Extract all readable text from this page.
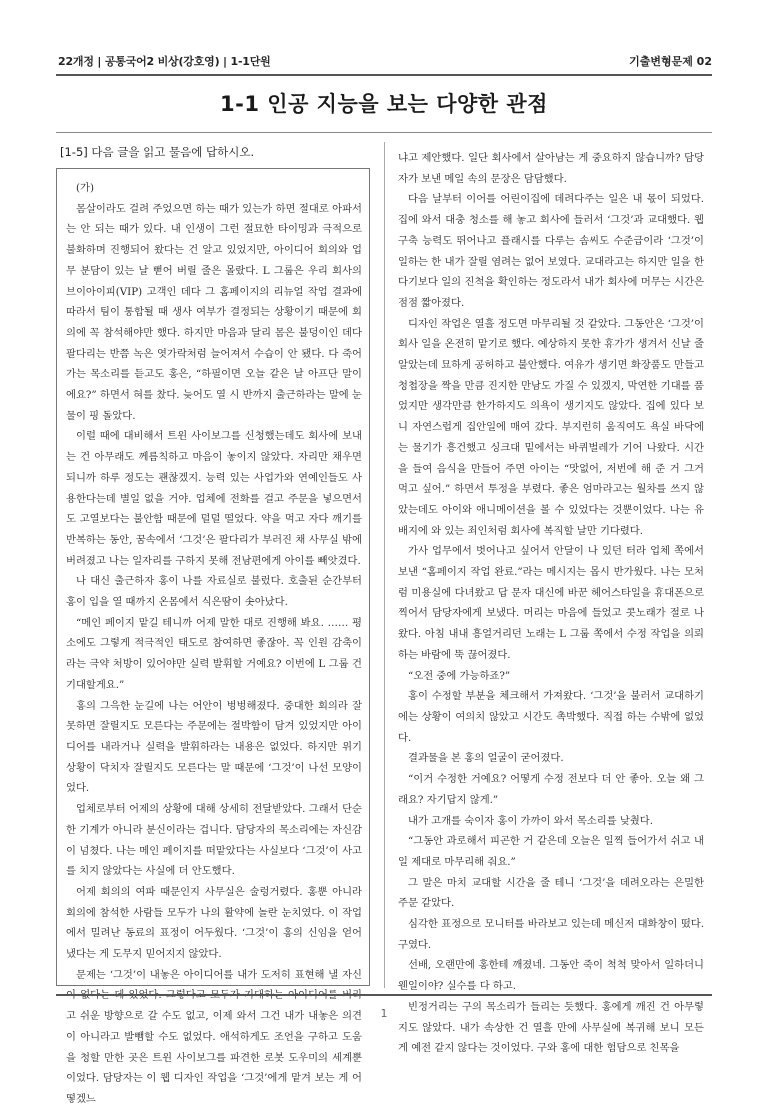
22개정 | 공통국어2 비상(강호영) | 1-1단원	기출변형문제 02
1-1 인공 지능을 보는 다양한 관점
[1-5] 다음 글을 읽고 물음에 답하시오.

(가)

몸살이라도 걸려 주었으면 하는 때가 있는가 하면 절대로 아파서는 안 되는 때가 있다. 내 인생이 그런 절묘한 타이밍과 극적으로 불화하며 진행되어 왔다는 건 알고 있었지만, 아이디어 회의와 업무 분담이 있는 날 뻗어 버릴 줄은 몰랐다. L 그룹은 우리 회사의 브이아이피(VIP) 고객인 데다 그 홈페이지의 리뉴얼 작업 결과에 따라서 팀이 통합될 때 생사 여부가 결정되는 상황이기 때문에 회의에 꼭 참석해야만 했다. 하지만 마음과 달리 몸은 불덩이인 데다 팔다리는 반쯤 녹은 엿가락처럼 늘어져서 수습이 안 됐다. 다 죽어 가는 목소리를 듣고도 홍은, “하필이면 오늘 같은 날 아프단 말이에요?” 하면서 혀를 찼다. 늦어도 열 시 반까지 출근하라는 말에 눈물이 핑 돌았다.

이럴 때에 대비해서 트윈 사이보그를 신청했는데도 회사에 보내는 건 아무래도 께름칙하고 마음이 놓이지 않았다. 자리만 채우면 되니까 하루 정도는 괜찮겠지. 능력 있는 사업가와 연예인들도 사용한다는데 별일 없을 거야. 업체에 전화를 걸고 주문을 넣으면서도 고열보다는 불안함 때문에 덜덜 떨었다. 약을 먹고 자다 깨기를 반복하는 동안, 꿈속에서 ‘그것’은 팔다리가 부러진 채 사무실 밖에 버려졌고 나는 일자리를 구하지 못해 전남편에게 아이를 빼앗겼다.

나 대신 출근하자 홍이 나를 자료실로 불렀다. 호출된 순간부터 홍이 입을 열 때까지 온몸에서 식은땀이 솟아났다.

“메인 페이지 맡길 테니까 어제 말한 대로 진행해 봐요. …… 평소에도 그렇게 적극적인 태도로 참여하면 좋잖아. 꼭 인원 감축이라는 극약 처방이 있어야만 실력 발휘할 거예요? 이번에 L 그룹 건 기대할게요.”

홍의 그윽한 눈길에 나는 어안이 벙벙해졌다. 중대한 회의라 잘못하면 잘릴지도 모른다는 주문에는 절박함이 담겨 있었지만 아이디어를 내라거나 실력을 발휘하라는 내용은 없었다. 하지만 위기 상황이 닥치자 잘릴지도 모른다는 말 때문에 ‘그것’이 나선 모양이었다.

업체로부터 어제의 상황에 대해 상세히 전달받았다. 그래서 단순한 기계가 아니라 분신이라는 겁니다. 담당자의 목소리에는 자신감이 넘쳤다. 나는 메인 페이지를 떠맡았다는 사실보다 ‘그것’이 사고를 치지 않았다는 사실에 더 안도했다.

어제 회의의 여파 때문인지 사무실은 술렁거렸다. 홍뿐 아니라 회의에 참석한 사람들 모두가 나의 활약에 놀란 눈치였다. 이 작업에서 밀려난 동료의 표정이 어두웠다. ‘그것’이 홍의 신임을 얻어 냈다는 게 도무지 믿어지지 않았다.

문제는 ‘그것’이 내놓은 아이디어를 내가 도저히 표현해 낼 자신이 없다는 데 있었다. 그렇다고 모두가 기대하는 아이디어를 버리고 쉬운 방향으로 갈 수도 없고, 이제 와서 그건 내가 내놓은 의견이 아니라고 발뺌할 수도 없었다. 애석하게도 조언을 구하고 도움을 청할 만한 곳은 트윈 사이보그를 파견한 로봇 도우미의 세계뿐이었다. 담당자는 이 웹 디자인 작업을 ‘그것’에게 맡겨 보는 게 어떻겠느

냐고 제안했다. 일단 회사에서 살아남는 게 중요하지 않습니까? 담당자가 보낸 메일 속의 문장은 담담했다.

다음 날부터 이어를 어린이집에 데려다주는 일은 내 몫이 되었다. 집에 와서 대충 청소를 해 놓고 회사에 들러서 ‘그것’과 교대했다. 웹 구축 능력도 뛰어나고 플래시를 다루는 솜씨도 수준급이라 ‘그것’이 일하는 한 내가 잘릴 염려는 없어 보였다. 교대라고는 하지만 일을 한다기보다 일의 진척을 확인하는 정도라서 내가 회사에 머무는 시간은 점점 짧아졌다.

디자인 작업은 열흘 정도면 마무리될 것 같았다. 그동안은 ‘그것’이 회사 일을 온전히 맡기로 했다. 예상하지 못한 휴가가 생겨서 신날 줄 알았는데 묘하게 공허하고 불안했다. 여유가 생기면 화장품도 만들고 청첩장을 짝을 만큼 진지한 만남도 가질 수 있겠지, 막연한 기대를 품었지만 생각만큼 한가하지도 의욕이 생기지도 않았다. 집에 있다 보니 자연스럽게 집안일에 매여 갔다. 부지런히 움직여도 욕실 바닥에는 물기가 흥건했고 싱크대 밑에서는 바퀴벌레가 기어 나왔다. 시간을 들여 음식을 만들어 주면 아이는 “맛없어, 저번에 해 준 거 그거 먹고 싶어.” 하면서 투정을 부렸다. 좋은 엄마라고는 월차를 쓰지 않았는데도 아이와 애니메이션을 볼 수 있었다는 것뿐이었다. 나는 유배지에 와 있는 죄인처럼 회사에 복직할 날만 기다렸다.

가사 업무에서 벗어나고 싶어서 안달이 나 있던 터라 업체 쪽에서 보낸 “홈페이지 작업 완료.”라는 메시지는 몹시 반가웠다. 나는 모처럼 미용실에 다녀왔고 답 문자 대신에 바꾼 헤어스타일을 휴대폰으로 찍어서 담당자에게 보냈다. 머리는 마음에 들었고 콧노래가 절로 나왔다. 아침 내내 흥얼거리던 노래는 L 그룹 쪽에서 수정 작업을 의뢰하는 바람에 뚝 끊어졌다.

“오전 중에 가능하죠?”

홍이 수정할 부분을 체크해서 가져왔다. ‘그것’을 불러서 교대하기에는 상황이 여의치 않았고 시간도 촉박했다. 직접 하는 수밖에 없었다.

결과물을 본 홍의 얼굴이 굳어졌다.

“이거 수정한 거예요? 어떻게 수정 전보다 더 안 좋아. 오늘 왜 그래요? 자기답지 않게.”

내가 고개를 숙이자 홍이 가까이 와서 목소리를 낮췄다.

“그동안 과로해서 피곤한 거 같은데 오늘은 일찍 들어가서 쉬고 내일 제대로 마무리해 줘요.”

그 말은 마치 교대할 시간을 줄 테니 ‘그것’을 데려오라는 은밀한 주문 같았다.

심각한 표정으로 모니터를 바라보고 있는데 메신저 대화창이 떴다. 구였다.

선배, 오랜만에 홍한테 깨졌네. 그동안 죽이 척척 맞아서 일하더니 웬일이야? 실수를 다 하고.

빈정거리는 구의 목소리가 들리는 듯했다. 홍에게 깨진 건 아무렇지도 않았다. 내가 속상한 건 열흘 만에 사무실에 복귀해 보니 모든 게 예전 같지 않다는 것이었다. 구와 홍에 대한 험담으로 친목을

1
